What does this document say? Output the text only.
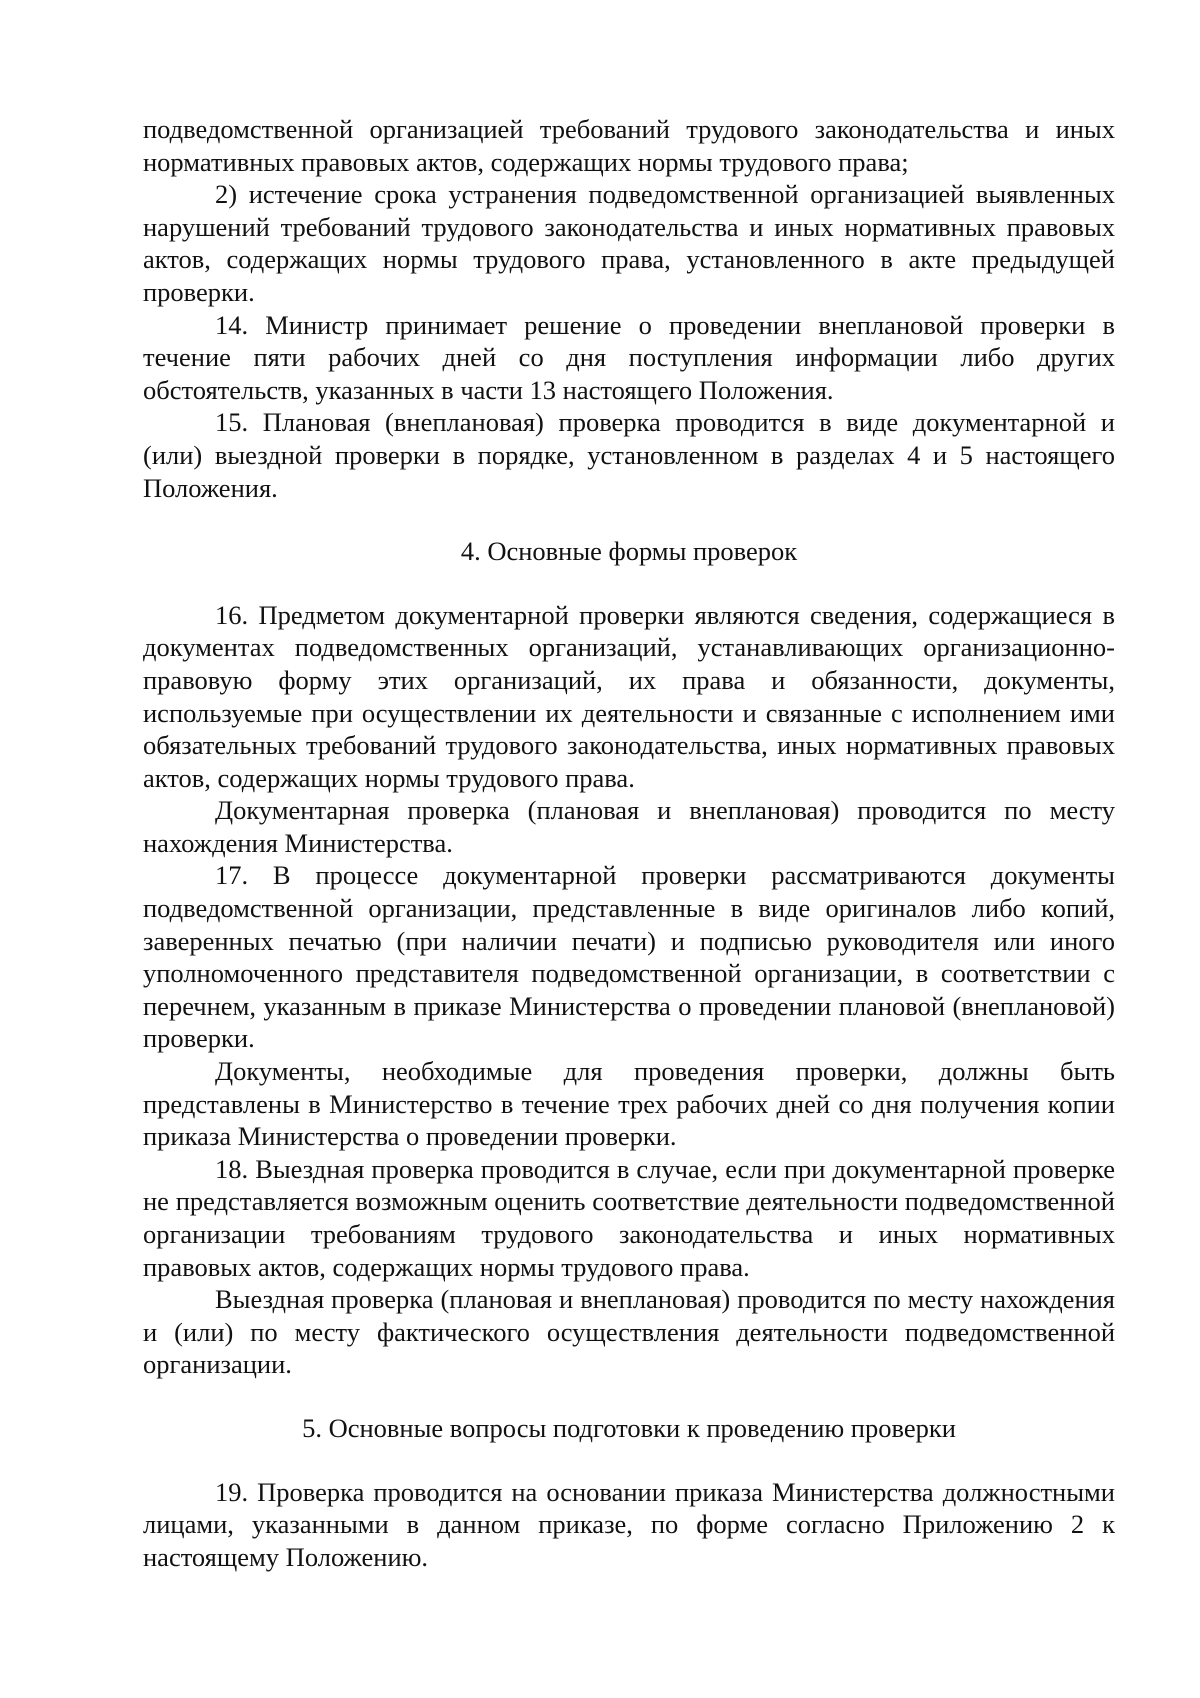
подведомственной организацией требований трудового законодательства и иных нормативных правовых актов, содержащих нормы трудового права;

2) истечение срока устранения подведомственной организацией выявленных нарушений требований трудового законодательства и иных нормативных правовых актов, содержащих нормы трудового права, установленного в акте предыдущей проверки.

14. Министр принимает решение о проведении внеплановой проверки в течение пяти рабочих дней со дня поступления информации либо других обстоятельств, указанных в части 13 настоящего Положения.

15. Плановая (внеплановая) проверка проводится в виде документарной и (или) выездной проверки в порядке, установленном в разделах 4 и 5 настоящего Положения.

4. Основные формы проверок

16. Предметом документарной проверки являются сведения, содержащиеся в документах подведомственных организаций, устанавливающих организационно-правовую форму этих организаций, их права и обязанности, документы, используемые при осуществлении их деятельности и связанные с исполнением ими обязательных требований трудового законодательства, иных нормативных правовых актов, содержащих нормы трудового права.

Документарная проверка (плановая и внеплановая) проводится по месту нахождения Министерства.

17. В процессе документарной проверки рассматриваются документы подведомственной организации, представленные в виде оригиналов либо копий, заверенных печатью (при наличии печати) и подписью руководителя или иного уполномоченного представителя подведомственной организации, в соответствии с перечнем, указанным в приказе Министерства о проведении плановой (внеплановой) проверки.

Документы, необходимые для проведения проверки, должны быть представлены в Министерство в течение трех рабочих дней со дня получения копии приказа Министерства о проведении проверки.

18. Выездная проверка проводится в случае, если при документарной проверке не представляется возможным оценить соответствие деятельности подведомственной организации требованиям трудового законодательства и иных нормативных правовых актов, содержащих нормы трудового права.

Выездная проверка (плановая и внеплановая) проводится по месту нахождения и (или) по месту фактического осуществления деятельности подведомственной организации.

5. Основные вопросы подготовки к проведению проверки

19. Проверка проводится на основании приказа Министерства должностными лицами, указанными в данном приказе, по форме согласно Приложению 2 к настоящему Положению.
